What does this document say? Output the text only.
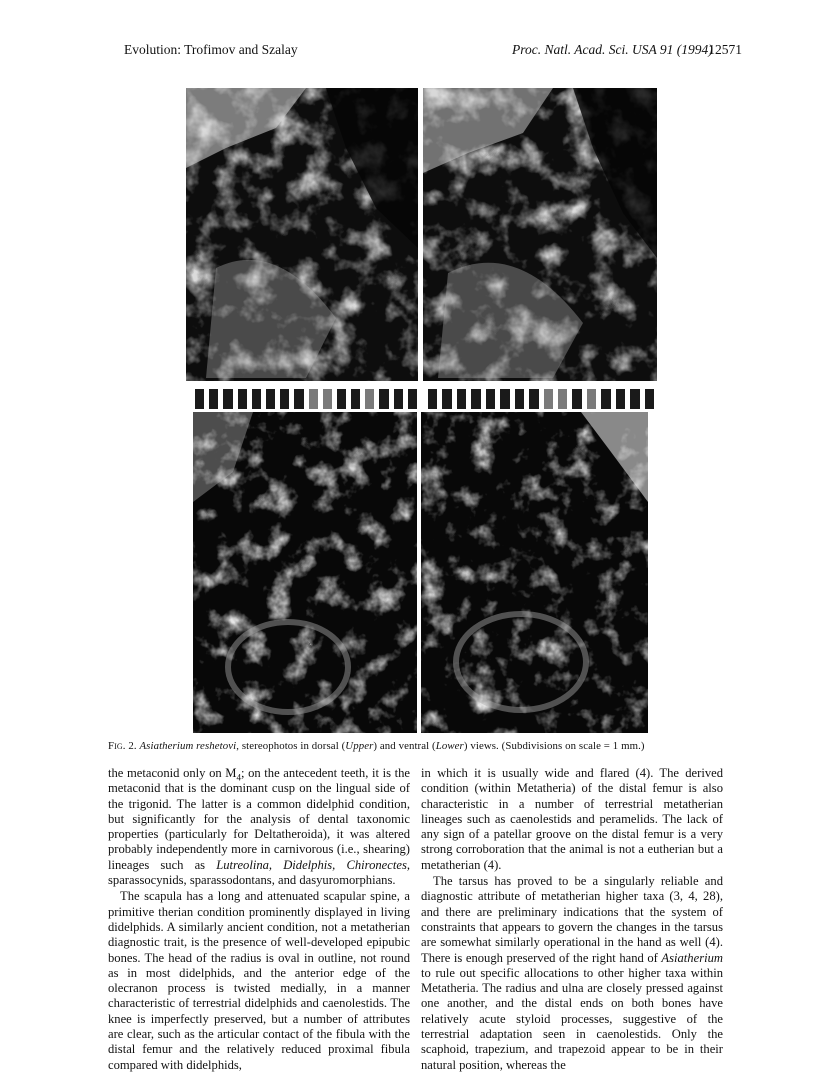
Evolution: Trofimov and Szalay	Proc. Natl. Acad. Sci. USA 91 (1994)
12571
Fig. 2. Asiatherium reshetovi, stereophotos in dorsal (Upper) and ventral (Lower) views. (Subdivisions on scale = 1 mm.)

the metaconid only on $M_4$; on the antecedent teeth, it is the metaconid that is the dominant cusp on the lingual side of the trigonid. The latter is a common didelphid condition, but significantly for the analysis of dental taxonomic properties (particularly for Deltatheroida), it was altered probably independently more in carnivorous (i.e., shearing) lineages such as Lutreolina, Didelphis, Chironectes, sparassocynids, sparassodontans, and dasyuromorphians.

The scapula has a long and attenuated scapular spine, a primitive therian condition prominently displayed in living didelphids. A similarly ancient condition, not a metatherian diagnostic trait, is the presence of well-developed epipubic bones. The head of the radius is oval in outline, not round as in most didelphids, and the anterior edge of the olecranon process is twisted medially, in a manner characteristic of terrestrial didelphids and caenolestids. The knee is imperfectly preserved, but a number of attributes are clear, such as the articular contact of the fibula with the distal femur and the relatively reduced proximal fibula compared with didelphids,

in which it is usually wide and flared (4). The derived condition (within Metatheria) of the distal femur is also characteristic in a number of terrestrial metatherian lineages such as caenolestids and peramelids. The lack of any sign of a patellar groove on the distal femur is a very strong corroboration that the animal is not a eutherian but a metatherian (4).

The tarsus has proved to be a singularly reliable and diagnostic attribute of metatherian higher taxa (3, 4, 28), and there are preliminary indications that the system of constraints that appears to govern the changes in the tarsus are somewhat similarly operational in the hand as well (4). There is enough preserved of the right hand of Asiatherium to rule out specific allocations to other higher taxa within Metatheria. The radius and ulna are closely pressed against one another, and the distal ends on both bones have relatively acute styloid processes, suggestive of the terrestrial adaptation seen in caenolestids. Only the scaphoid, trapezium, and trapezoid appear to be in their natural position, whereas the
